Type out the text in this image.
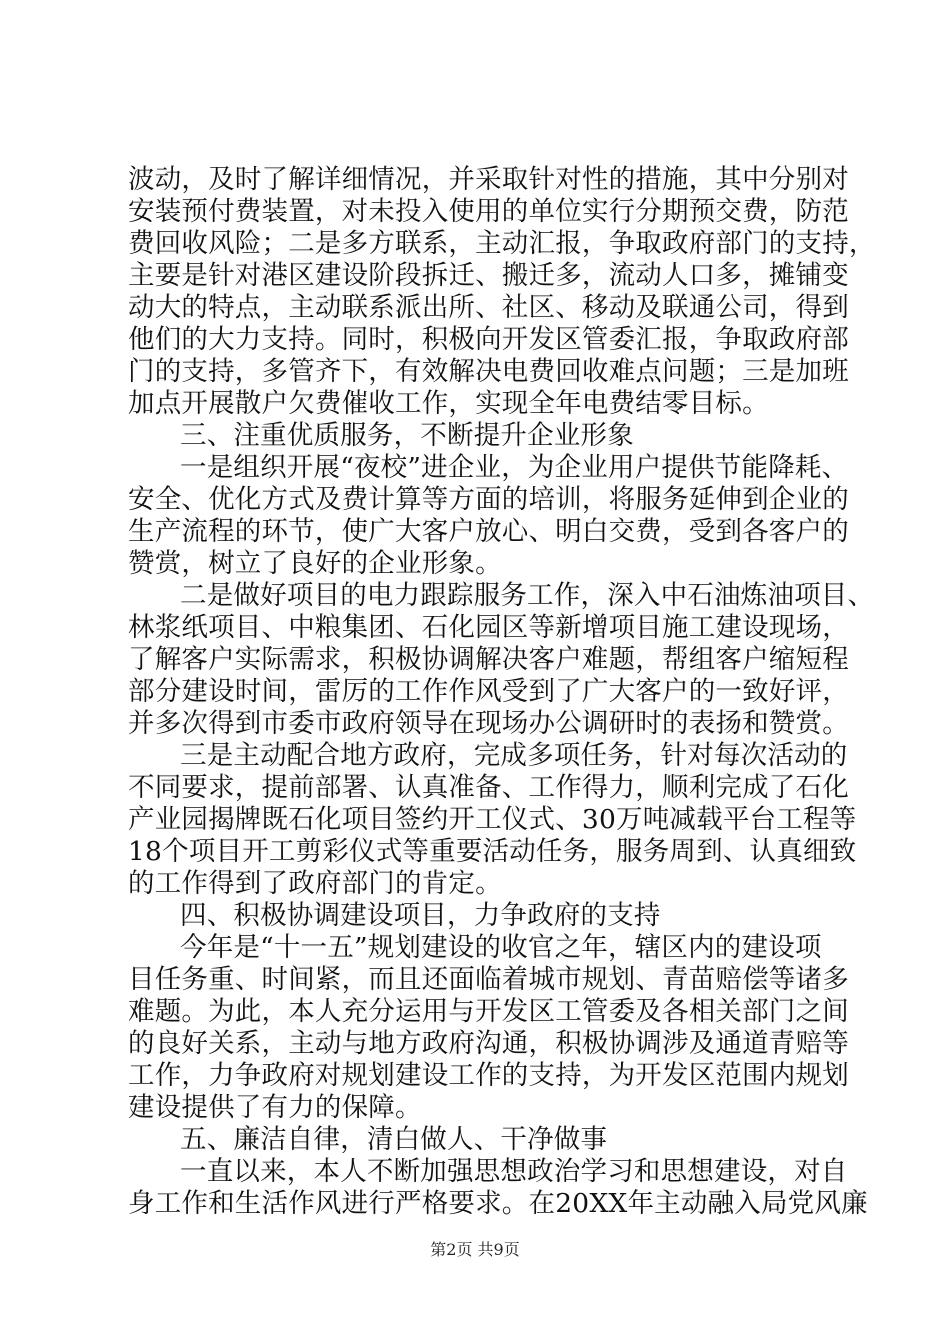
波动，及时了解详细情况，并采取针对性的措施，其中分别对
安装预付费装置，对未投入使用的单位实行分期预交费，防范
费回收风险；二是多方联系，主动汇报，争取政府部门的支持，
主要是针对港区建设阶段拆迁、搬迁多，流动人口多，摊铺变
动大的特点，主动联系派出所、社区、移动及联通公司，得到
他们的大力支持。同时，积极向开发区管委汇报，争取政府部
门的支持，多管齐下，有效解决电费回收难点问题；三是加班
加点开展散户欠费催收工作，实现全年电费结零目标。
三、注重优质服务，不断提升企业形象
一是组织开展“夜校”进企业，为企业用户提供节能降耗、
安全、优化方式及费计算等方面的培训，将服务延伸到企业的
生产流程的环节，使广大客户放心、明白交费，受到各客户的
赞赏，树立了良好的企业形象。
二是做好项目的电力跟踪服务工作，深入中石油炼油项目、
林浆纸项目、中粮集团、石化园区等新增项目施工建设现场，
了解客户实际需求，积极协调解决客户难题，帮组客户缩短程
部分建设时间，雷厉的工作作风受到了广大客户的一致好评，
并多次得到市委市政府领导在现场办公调研时的表扬和赞赏。
三是主动配合地方政府，完成多项任务，针对每次活动的
不同要求，提前部署、认真准备、工作得力，顺利完成了石化
产业园揭牌既石化项目签约开工仪式、30万吨减载平台工程等
18个项目开工剪彩仪式等重要活动任务，服务周到、认真细致
的工作得到了政府部门的肯定。
四、积极协调建设项目，力争政府的支持
今年是“十一五”规划建设的收官之年，辖区内的建设项
目任务重、时间紧，而且还面临着城市规划、青苗赔偿等诸多
难题。为此，本人充分运用与开发区工管委及各相关部门之间
的良好关系，主动与地方政府沟通，积极协调涉及通道青赔等
工作，力争政府对规划建设工作的支持，为开发区范围内规划
建设提供了有力的保障。
五、廉洁自律，清白做人、干净做事
一直以来，本人不断加强思想政治学习和思想建设，对自
身工作和生活作风进行严格要求。在20XX年主动融入局党风廉
第2页 共9页
